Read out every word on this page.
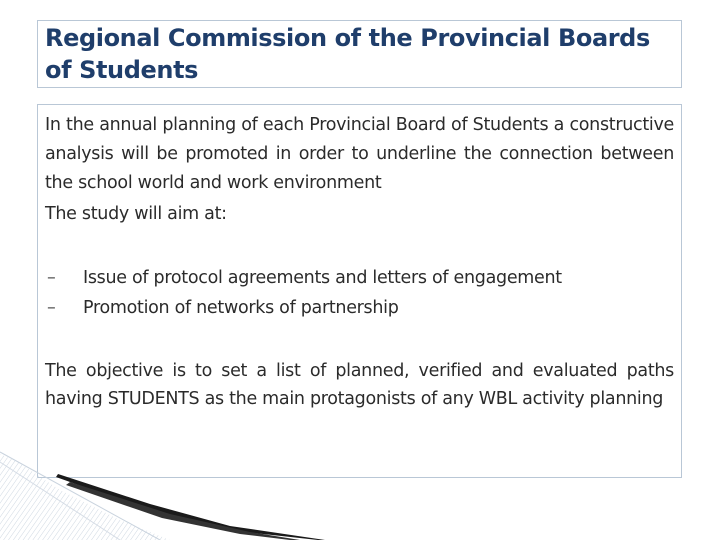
Regional Commission of the Provincial Boards of Students

In the annual planning of each Provincial Board of Students a constructive analysis will be promoted in order to underline the connection between the school world and work environment

The study will aim at:

–	Issue of protocol agreements and letters of engagement
–	Promotion of networks of partnership

The objective is to set a list of planned, verified and evaluated paths having STUDENTS as the main protagonists of any WBL activity planning
